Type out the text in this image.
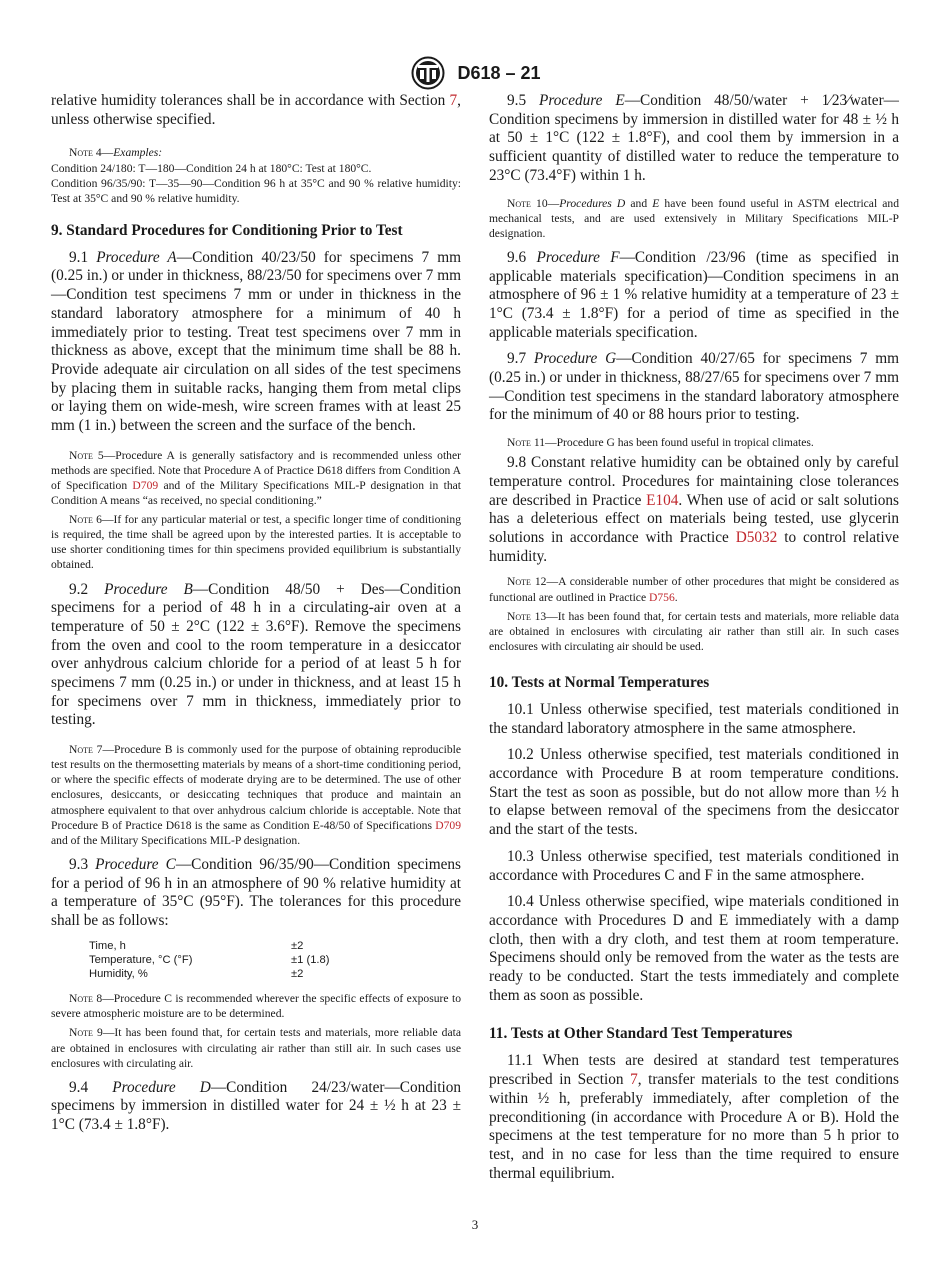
D618 – 21

relative humidity tolerances shall be in accordance with Section 7, unless otherwise specified.

Note 4—Examples:

Condition 24/180: T—180—Condition 24 h at 180°C: Test at 180°C.

Condition 96/35/90: T—35—90—Condition 96 h at 35°C and 90 % relative humidity: Test at 35°C and 90 % relative humidity.

9. Standard Procedures for Conditioning Prior to Test

9.1 Procedure A—Condition 40/23/50 for specimens 7 mm (0.25 in.) or under in thickness, 88/23/50 for specimens over 7 mm—Condition test specimens 7 mm or under in thickness in the standard laboratory atmosphere for a minimum of 40 h immediately prior to testing. Treat test specimens over 7 mm in thickness as above, except that the minimum time shall be 88 h. Provide adequate air circulation on all sides of the test specimens by placing them in suitable racks, hanging them from metal clips or laying them on wide-mesh, wire screen frames with at least 25 mm (1 in.) between the screen and the surface of the bench.

Note 5—Procedure A is generally satisfactory and is recommended unless other methods are specified. Note that Procedure A of Practice D618 differs from Condition A of Specification D709 and of the Military Specifications MIL-P designation in that Condition A means “as received, no special conditioning.”

Note 6—If for any particular material or test, a specific longer time of conditioning is required, the time shall be agreed upon by the interested parties. It is acceptable to use shorter conditioning times for thin specimens provided equilibrium is substantially obtained.

9.2 Procedure B—Condition 48/50 + Des—Condition specimens for a period of 48 h in a circulating-air oven at a temperature of 50 ± 2°C (122 ± 3.6°F). Remove the specimens from the oven and cool to the room temperature in a desiccator over anhydrous calcium chloride for a period of at least 5 h for specimens 7 mm (0.25 in.) or under in thickness, and at least 15 h for specimens over 7 mm in thickness, immediately prior to testing.

Note 7—Procedure B is commonly used for the purpose of obtaining reproducible test results on the thermosetting materials by means of a short-time conditioning period, or where the specific effects of moderate drying are to be determined. The use of other enclosures, desiccants, or desiccating techniques that produce and maintain an atmosphere equivalent to that over anhydrous calcium chloride is acceptable. Note that Procedure B of Practice D618 is the same as Condition E-48/50 of Specifications D709 and of the Military Specifications MIL-P designation.

9.3 Procedure C—Condition 96/35/90—Condition specimens for a period of 96 h in an atmosphere of 90 % relative humidity at a temperature of 35°C (95°F). The tolerances for this procedure shall be as follows:

Time, h	±2
Temperature, °C (°F)	±1 (1.8)
Humidity, %	±2

Note 8—Procedure C is recommended wherever the specific effects of exposure to severe atmospheric moisture are to be determined.

Note 9—It has been found that, for certain tests and materials, more reliable data are obtained in enclosures with circulating air rather than still air. In such cases use enclosures with circulating air.

9.4 Procedure D—Condition 24/23/water—Condition specimens by immersion in distilled water for 24 ± ½ h at 23 ± 1°C (73.4 ± 1.8°F).

9.5 Procedure E—Condition 48/50/water + 1⁄23⁄water—Condition specimens by immersion in distilled water for 48 ± ½ h at 50 ± 1°C (122 ± 1.8°F), and cool them by immersion in a sufficient quantity of distilled water to reduce the temperature to 23°C (73.4°F) within 1 h.

Note 10—Procedures D and E have been found useful in ASTM electrical and mechanical tests, and are used extensively in Military Specifications MIL-P designation.

9.6 Procedure F—Condition /23/96 (time as specified in applicable materials specification)—Condition specimens in an atmosphere of 96 ± 1 % relative humidity at a temperature of 23 ± 1°C (73.4 ± 1.8°F) for a period of time as specified in the applicable materials specification.

9.7 Procedure G—Condition 40/27/65 for specimens 7 mm (0.25 in.) or under in thickness, 88/27/65 for specimens over 7 mm—Condition test specimens in the standard laboratory atmosphere for the minimum of 40 or 88 hours prior to testing.

Note 11—Procedure G has been found useful in tropical climates.

9.8 Constant relative humidity can be obtained only by careful temperature control. Procedures for maintaining close tolerances are described in Practice E104. When use of acid or salt solutions has a deleterious effect on materials being tested, use glycerin solutions in accordance with Practice D5032 to control relative humidity.

Note 12—A considerable number of other procedures that might be considered as functional are outlined in Practice D756.

Note 13—It has been found that, for certain tests and materials, more reliable data are obtained in enclosures with circulating air rather than still air. In such cases enclosures with circulating air should be used.

10. Tests at Normal Temperatures

10.1 Unless otherwise specified, test materials conditioned in the standard laboratory atmosphere in the same atmosphere.

10.2 Unless otherwise specified, test materials conditioned in accordance with Procedure B at room temperature conditions. Start the test as soon as possible, but do not allow more than ½ h to elapse between removal of the specimens from the desiccator and the start of the tests.

10.3 Unless otherwise specified, test materials conditioned in accordance with Procedures C and F in the same atmosphere.

10.4 Unless otherwise specified, wipe materials conditioned in accordance with Procedures D and E immediately with a damp cloth, then with a dry cloth, and test them at room temperature. Specimens should only be removed from the water as the tests are ready to be conducted. Start the tests immediately and complete them as soon as possible.

11. Tests at Other Standard Test Temperatures

11.1 When tests are desired at standard test temperatures prescribed in Section 7, transfer materials to the test conditions within ½ h, preferably immediately, after completion of the preconditioning (in accordance with Procedure A or B). Hold the specimens at the test temperature for no more than 5 h prior to test, and in no case for less than the time required to ensure thermal equilibrium.

3
